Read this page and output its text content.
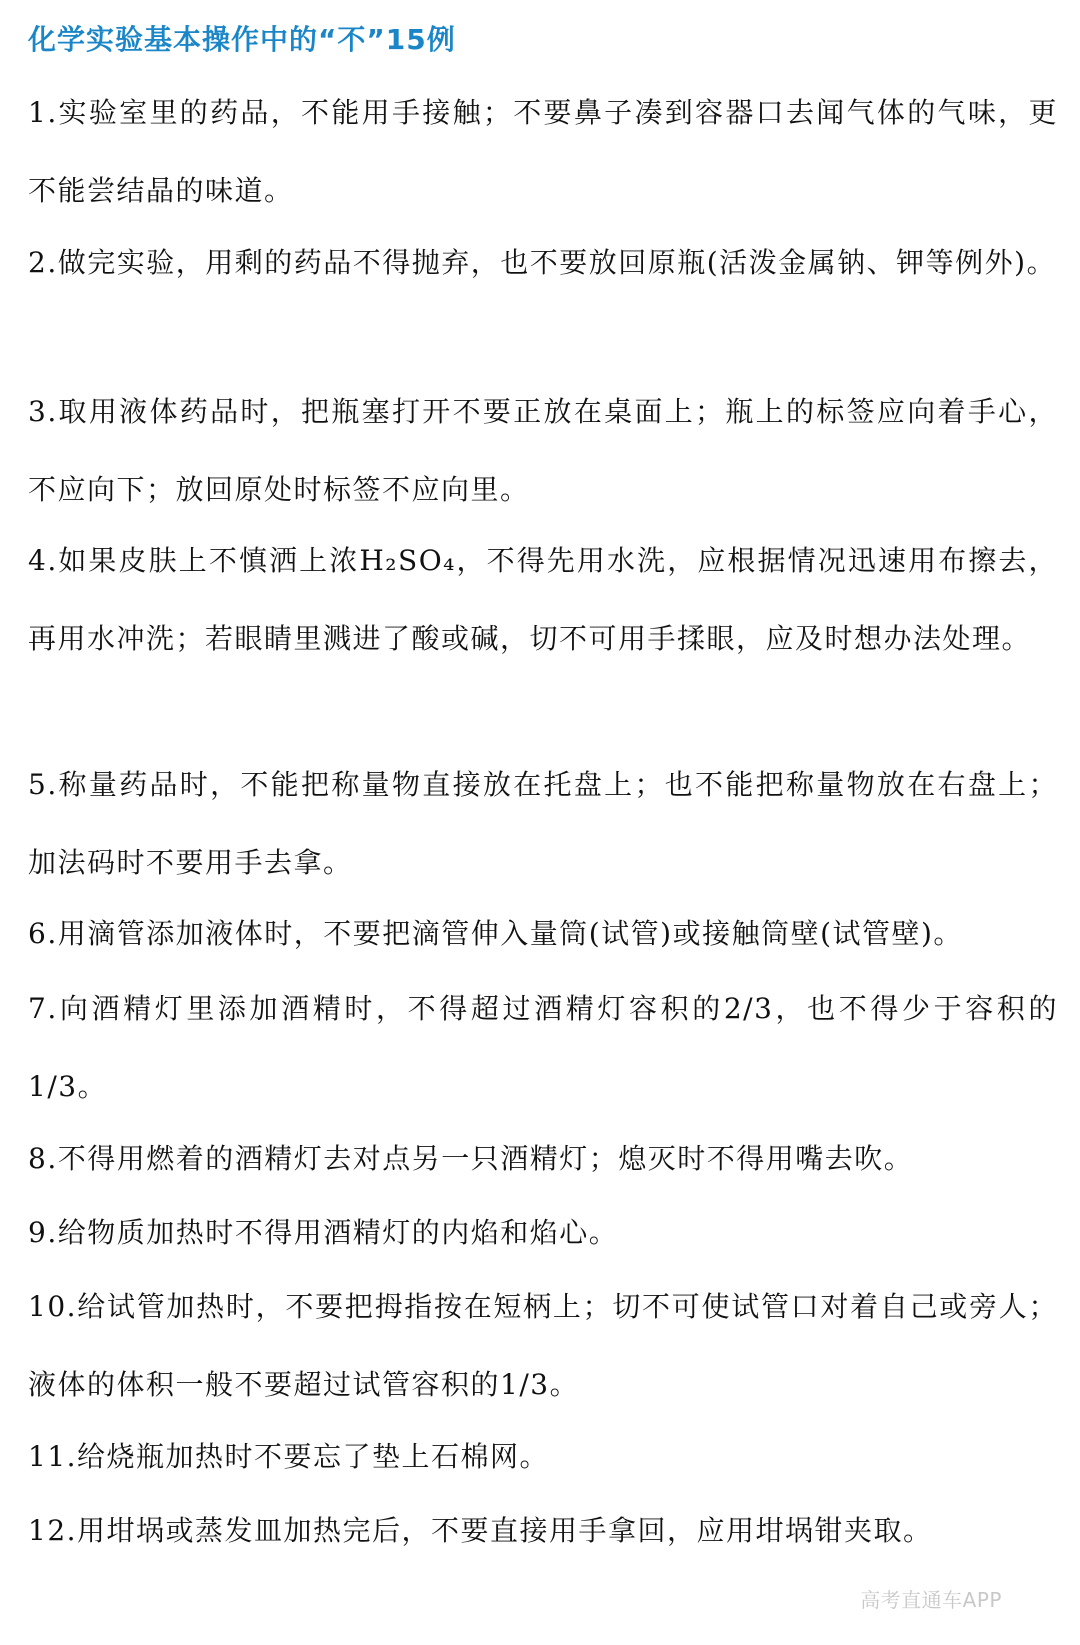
化学实验基本操作中的“不”15例

1.实验室里的药品，不能用手接触；不要鼻子凑到容器口去闻气体的气味，更不能尝结晶的味道。

2.做完实验，用剩的药品不得抛弃，也不要放回原瓶(活泼金属钠、钾等例外)。

3.取用液体药品时，把瓶塞打开不要正放在桌面上；瓶上的标签应向着手心，不应向下；放回原处时标签不应向里。

4.如果皮肤上不慎洒上浓H₂SO₄，不得先用水洗，应根据情况迅速用布擦去，再用水冲洗；若眼睛里溅进了酸或碱，切不可用手揉眼，应及时想办法处理。

5.称量药品时，不能把称量物直接放在托盘上；也不能把称量物放在右盘上；加法码时不要用手去拿。

6.用滴管添加液体时，不要把滴管伸入量筒(试管)或接触筒壁(试管壁)。

7.向酒精灯里添加酒精时，不得超过酒精灯容积的2/3，也不得少于容积的1/3。

8.不得用燃着的酒精灯去对点另一只酒精灯；熄灭时不得用嘴去吹。

9.给物质加热时不得用酒精灯的内焰和焰心。

10.给试管加热时，不要把拇指按在短柄上；切不可使试管口对着自己或旁人；液体的体积一般不要超过试管容积的1/3。

11.给烧瓶加热时不要忘了垫上石棉网。

12.用坩埚或蒸发皿加热完后，不要直接用手拿回，应用坩埚钳夹取。

高考直通车APP
